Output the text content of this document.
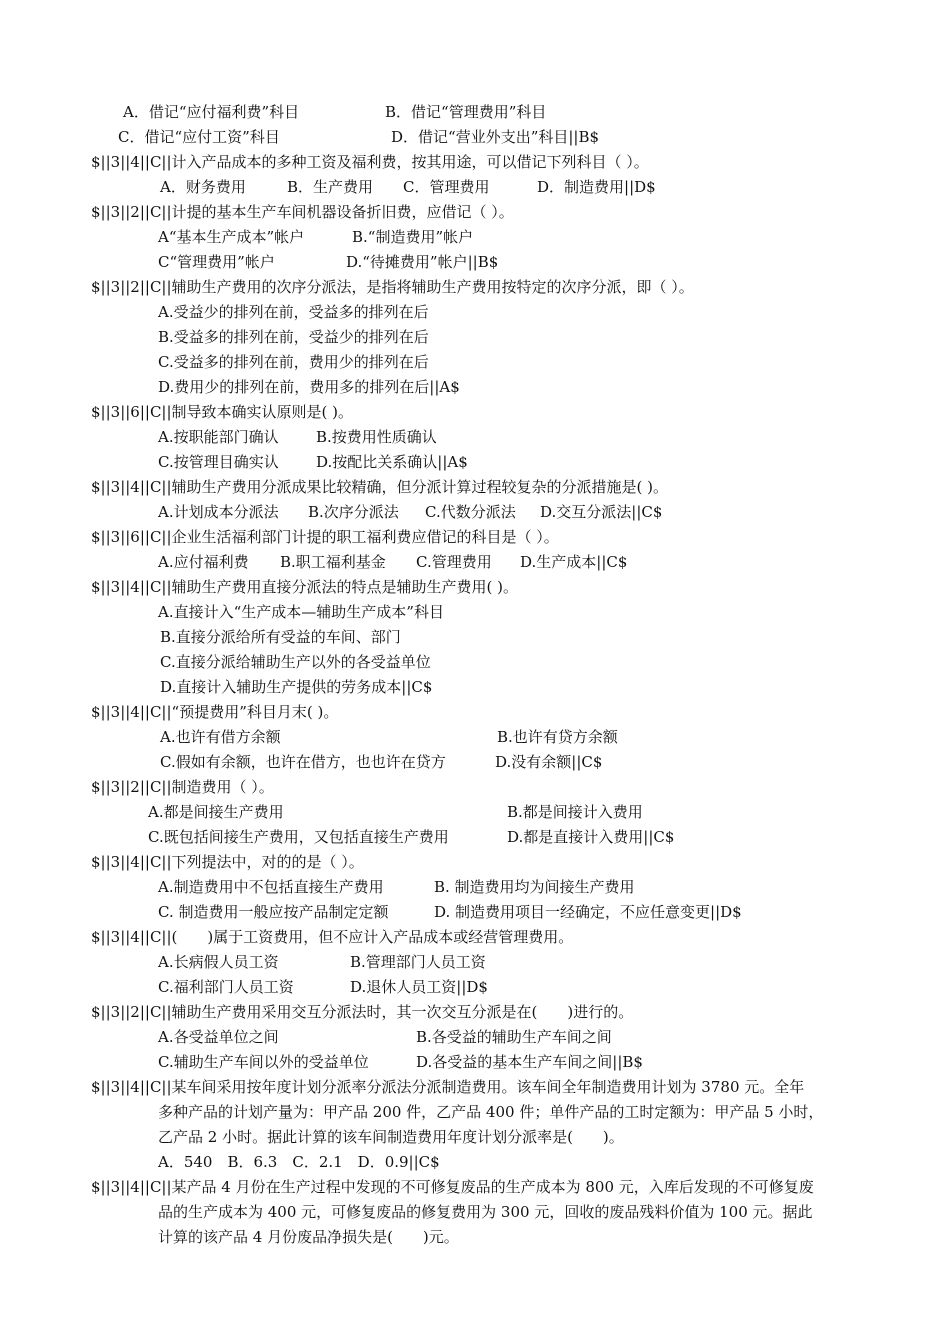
A．借记“应付福利费”科目	B．借记“管理费用”科目
C．借记“应付工资”科目	D．借记“营业外支出”科目||B$
$||3||4||C||计入产品成本的多种工资及福利费，按其用途，可以借记下列科目（ ）。
A．财务费用	B．生产费用 C．管理费用	D．制造费用||D$
$||3||2||C||计提的基本生产车间机器设备折旧费，应借记（ ）。
A“基本生产成本”帐户	B.“制造费用”帐户
C“管理费用”帐户	D.“待摊费用”帐户||B$
$||3||2||C||辅助生产费用的次序分派法，是指将辅助生产费用按特定的次序分派，即（ ）。
A.受益少的排列在前，受益多的排列在后
B.受益多的排列在前，受益少的排列在后
C.受益多的排列在前，费用少的排列在后
D.费用少的排列在前，费用多的排列在后||A$
$||3||6||C||制导致本确实认原则是( )。
A.按职能部门确认 B.按费用性质确认
C.按管理目确实认 D.按配比关系确认||A$
$||3||4||C||辅助生产费用分派成果比较精确，但分派计算过程较复杂的分派措施是( )。
A.计划成本分派法 B.次序分派法 C.代数分派法 D.交互分派法||C$
$||3||6||C||企业生活福利部门计提的职工福利费应借记的科目是（ ）。
A.应付福利费 B.职工福利基金 C.管理费用 D.生产成本||C$
$||3||4||C||辅助生产费用直接分派法的特点是辅助生产费用( )。
A.直接计入“生产成本—辅助生产成本”科目
B.直接分派给所有受益的车间、部门
C.直接分派给辅助生产以外的各受益单位
D.直接计入辅助生产提供的劳务成本||C$
$||3||4||C||“预提费用”科目月末( )。
A.也许有借方余额	B.也许有贷方余额
C.假如有余额，也许在借方，也也许在贷方	D.没有余额||C$
$||3||2||C||制造费用（ ）。
A.都是间接生产费用	B.都是间接计入费用
C.既包括间接生产费用，又包括直接生产费用	D.都是直接计入费用||C$
$||3||4||C||下列提法中，对的的是（ ）。
A.制造费用中不包括直接生产费用	B. 制造费用均为间接生产费用
C. 制造费用一般应按产品制定定额	D. 制造费用项目一经确定，不应任意变更||D$
$||3||4||C||(　　)属于工资费用，但不应计入产品成本或经营管理费用。
A.长病假人员工资	B.管理部门人员工资
C.福利部门人员工资	D.退休人员工资||D$
$||3||2||C||辅助生产费用采用交互分派法时，其一次交互分派是在(　　)进行的。
A.各受益单位之间	B.各受益的辅助生产车间之间
C.辅助生产车间以外的受益单位	D.各受益的基本生产车间之间||B$
$||3||4||C||某车间采用按年度计划分派率分派法分派制造费用。该车间全年制造费用计划为 3780 元。全年
多种产品的计划产量为：甲产品 200 件，乙产品 400 件；单件产品的工时定额为：甲产品 5 小时，
乙产品 2 小时。据此计算的该车间制造费用年度计划分派率是(　　)。
A．540　B．6.3　C．2.1　D．0.9||C$
$||3||4||C||某产品 4 月份在生产过程中发现的不可修复废品的生产成本为 800 元，入库后发现的不可修复废
品的生产成本为 400 元，可修复废品的修复费用为 300 元，回收的废品残料价值为 100 元。据此
计算的该产品 4 月份废品净损失是(　　)元。
